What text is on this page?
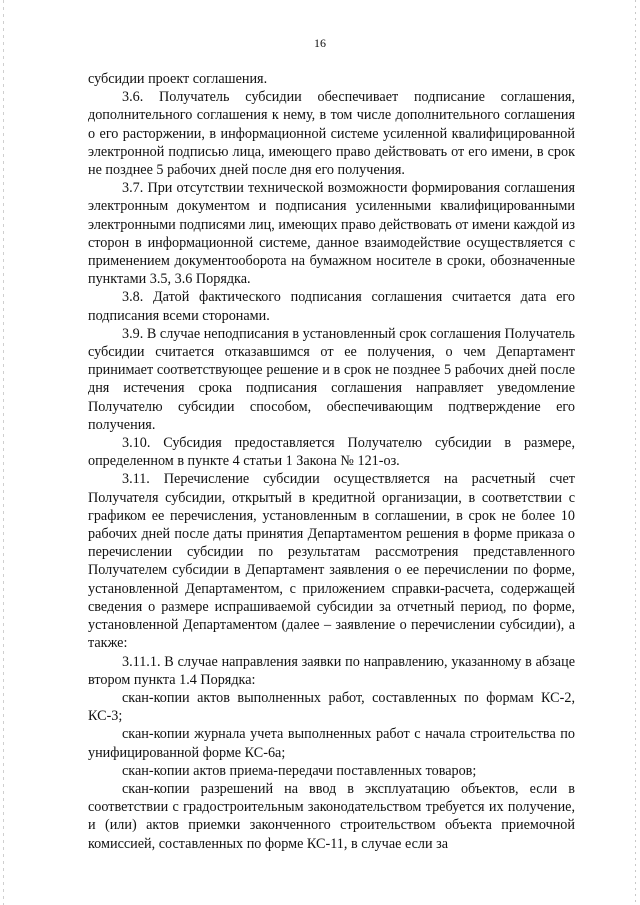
16

субсидии проект соглашения.

3.6. Получатель субсидии обеспечивает подписание соглашения, дополнительного соглашения к нему, в том числе дополнительного соглашения о его расторжении, в информационной системе усиленной квалифицированной электронной подписью лица, имеющего право действовать от его имени, в срок не позднее 5 рабочих дней после дня его получения.

3.7. При отсутствии технической возможности формирования соглашения электронным документом и подписания усиленными квалифицированными электронными подписями лиц, имеющих право действовать от имени каждой из сторон в информационной системе, данное взаимодействие осуществляется с применением документооборота на бумажном носителе в сроки, обозначенные пунктами 3.5, 3.6 Порядка.

3.8. Датой фактического подписания соглашения считается дата его подписания всеми сторонами.

3.9. В случае неподписания в установленный срок соглашения Получатель субсидии считается отказавшимся от ее получения, о чем Департамент принимает соответствующее решение и в срок не позднее 5 рабочих дней после дня истечения срока подписания соглашения направляет уведомление Получателю субсидии способом, обеспечивающим подтверждение его получения.

3.10. Субсидия предоставляется Получателю субсидии в размере, определенном в пункте 4 статьи 1 Закона № 121-оз.

3.11. Перечисление субсидии осуществляется на расчетный счет Получателя субсидии, открытый в кредитной организации, в соответствии с графиком ее перечисления, установленным в соглашении, в срок не более 10 рабочих дней после даты принятия Департаментом решения в форме приказа о перечислении субсидии по результатам рассмотрения представленного Получателем субсидии в Департамент заявления о ее перечислении по форме, установленной Департаментом, с приложением справки-расчета, содержащей сведения о размере испрашиваемой субсидии за отчетный период, по форме, установленной Департаментом (далее – заявление о перечислении субсидии), а также:

3.11.1. В случае направления заявки по направлению, указанному в абзаце втором пункта 1.4 Порядка:

скан-копии актов выполненных работ, составленных по формам КС-2, КС-3;

скан-копии журнала учета выполненных работ с начала строительства по унифицированной форме КС-6а;

скан-копии актов приема-передачи поставленных товаров;

скан-копии разрешений на ввод в эксплуатацию объектов, если в соответствии с градостроительным законодательством требуется их получение, и (или) актов приемки законченного строительством объекта приемочной комиссией, составленных по форме КС-11, в случае если за
